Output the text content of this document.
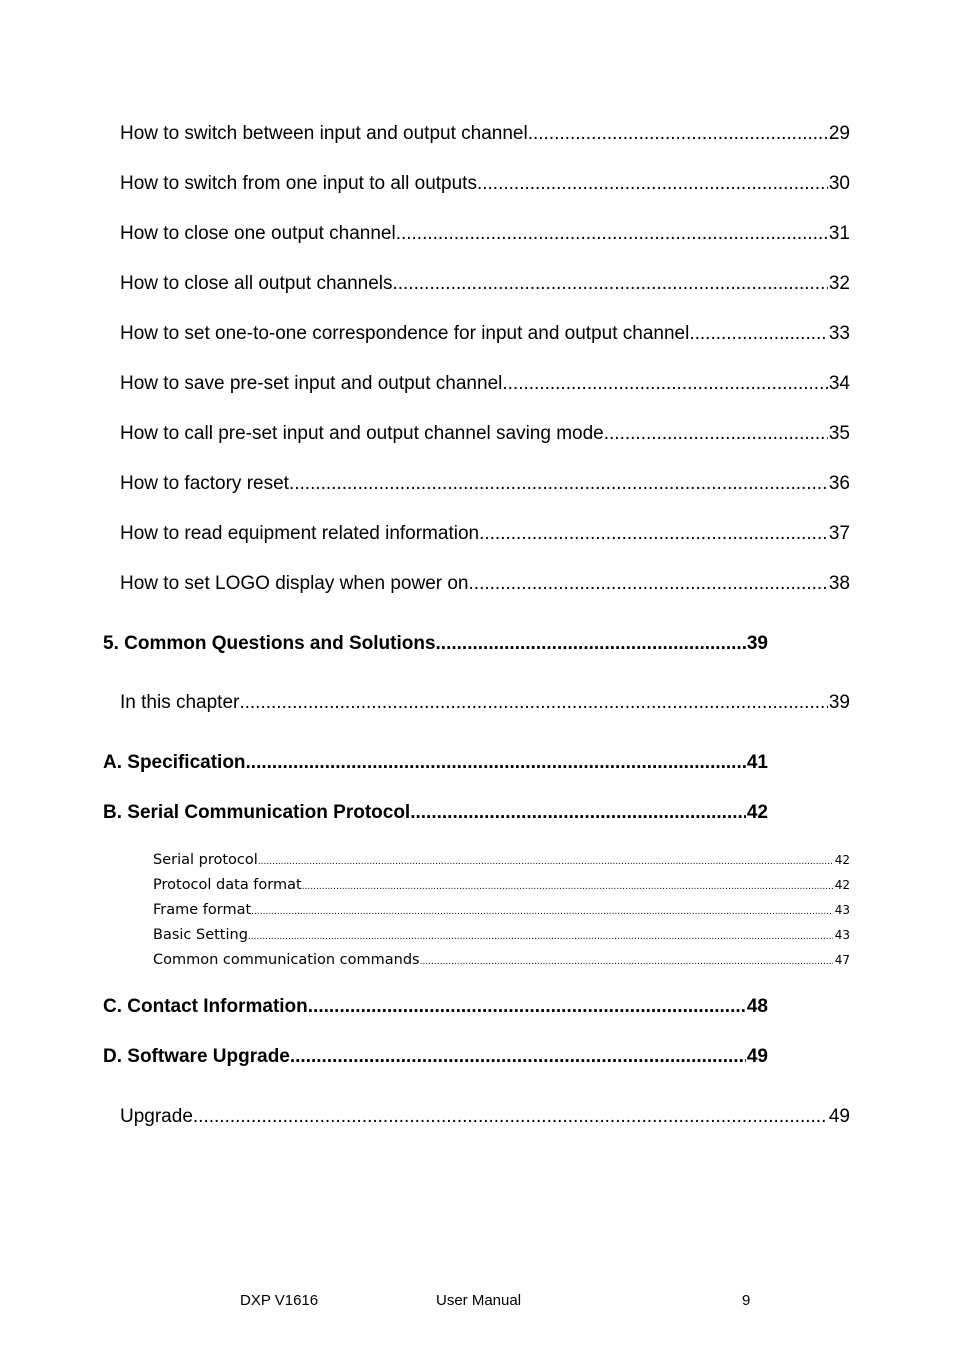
How to switch between input and output channel .....	29
How to switch from one input to all outputs .....	30
How to close one output channel .....	31
How to close all output channels .....	32
How to set one-to-one correspondence for input and output channel .....	33
How to save pre-set input and output channel .....	34
How to call pre-set input and output channel saving mode .....	35
How to factory reset .....	36
How to read equipment related information .....	37
How to set LOGO display when power on .....	38
5. Common Questions and Solutions .....	39
In this chapter .....	39
A. Specification .....	41
B. Serial Communication Protocol .....	42
Serial protocol .....	42
Protocol data format .....	42
Frame format .....	43
Basic Setting .....	43
Common communication commands .....	47
C. Contact Information .....	48
D. Software Upgrade .....	49
Upgrade .....	49
DXP V1616	User Manual	9
